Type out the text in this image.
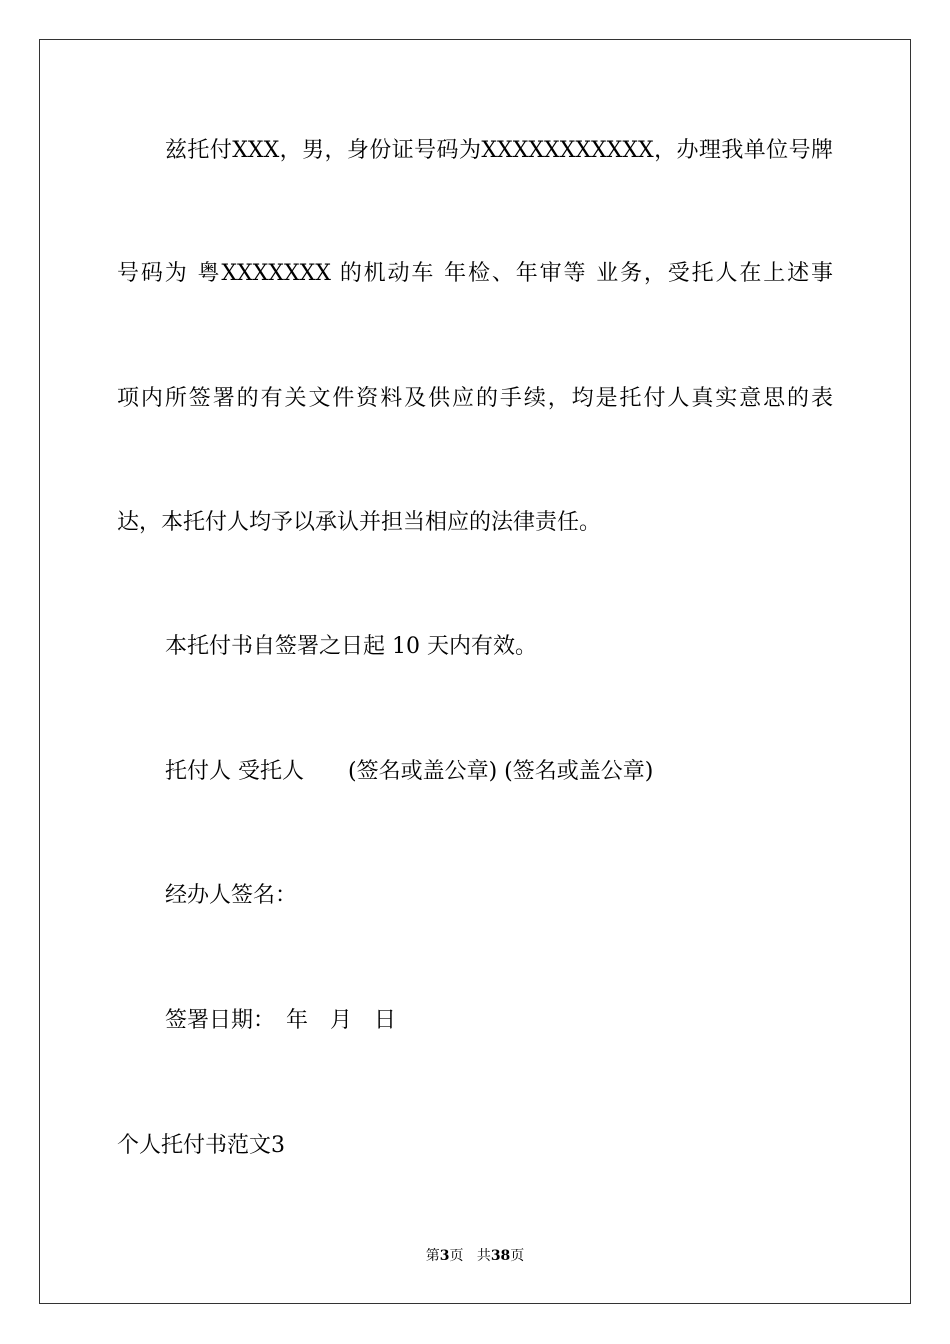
兹托付XXX，男，身份证号码为XXXXXXXXXXX，办理我单位号牌
号码为 粤XXXXXXX 的机动车 年检、年审等 业务，受托人在上述事
项内所签署的有关文件资料及供应的手续，均是托付人真实意思的表
达，本托付人均予以承认并担当相应的法律责任。
本托付书自签署之日起 10 天内有效。
托付人 受托人　　(签名或盖公章) (签名或盖公章)
经办人签名：
签署日期：　年　月　日
个人托付书范文3
第3页 共38页
